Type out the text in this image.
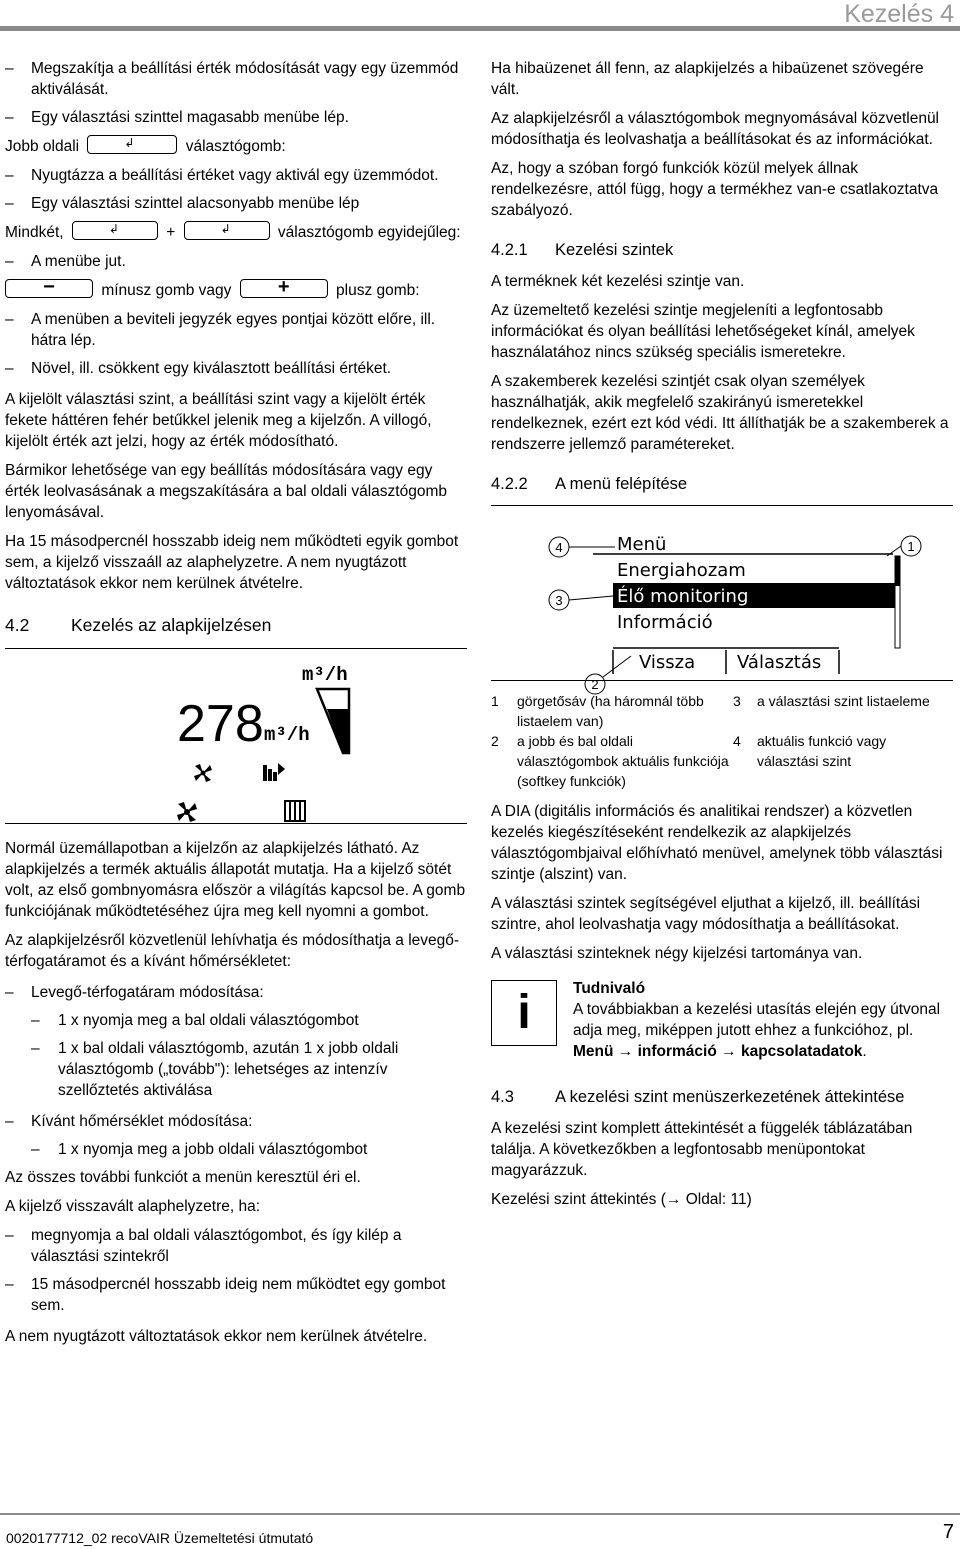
Kezelés 4
– Megszakítja a beállítási érték módosítását vagy egy üzemmód aktiválását.
– Egy választási szinttel magasabb menübe lép.

Jobb oldali	↲	választógomb:

– Nyugtázza a beállítási értéket vagy aktivál egy üzemmódot.
– Egy választási szinttel alacsonyabb menübe lép

Mindkét,	↲	+	↲	választógomb egyidejűleg:

– A menübe jut.

−	mínusz gomb vagy	+	plusz gomb:

– A menüben a beviteli jegyzék egyes pontjai között előre, ill. hátra lép.
– Növel, ill. csökkent egy kiválasztott beállítási értéket.

A kijelölt választási szint, a beállítási szint vagy a kijelölt érték fekete háttéren fehér betűkkel jelenik meg a kijelzőn. A villogó, kijelölt érték azt jelzi, hogy az érték módosítható.

Bármikor lehetősége van egy beállítás módosítására vagy egy érték leolvasásának a megszakítására a bal oldali választógomb lenyomásával.

Ha 15 másodpercnél hosszabb ideig nem működteti egyik gombot sem, a kijelző visszaáll az alaphelyzetre. A nem nyugtázott változtatások ekkor nem kerülnek átvételre.

4.2 Kezelés az alapkijelzésen
278 m³/h
m³/h

Normál üzemállapotban a kijelzőn az alapkijelzés látható. Az alapkijelzés a termék aktuális állapotát mutatja. Ha a kijelző sötét volt, az első gombnyomásra először a világítás kapcsol be. A gomb funkciójának működtetéséhez újra meg kell nyomni a gombot.

Az alapkijelzésről közvetlenül lehívhatja és módosíthatja a levegő-térfogatáramot és a kívánt hőmérsékletet:

– Levegő-térfogatáram módosítása:
– 1 x nyomja meg a bal oldali választógombot
– 1 x bal oldali választógomb, azután 1 x jobb oldali választógomb („tovább"): lehetséges az intenzív szellőztetés aktiválása
– Kívánt hőmérséklet módosítása:
– 1 x nyomja meg a jobb oldali választógombot

Az összes további funkciót a menün keresztül éri el.

A kijelző visszavált alaphelyzetre, ha:

– megnyomja a bal oldali választógombot, és így kilép a választási szintekről
– 15 másodpercnél hosszabb ideig nem működtet egy gombot sem.

A nem nyugtázott változtatások ekkor nem kerülnek átvételre.

Ha hibaüzenet áll fenn, az alapkijelzés a hibaüzenet szövegére vált.

Az alapkijelzésről a választógombok megnyomásával közvetlenül módosíthatja és leolvashatja a beállításokat és az információkat.

Az, hogy a szóban forgó funkciók közül melyek állnak rendelkezésre, attól függ, hogy a termékhez van-e csatlakoztatva szabályozó.

4.2.1 Kezelési szintek

A terméknek két kezelési szintje van.

Az üzemeltető kezelési szintje megjeleníti a legfontosabb információkat és olyan beállítási lehetőségeket kínál, amelyek használatához nincs szükség speciális ismeretekre.

A szakemberek kezelési szintjét csak olyan személyek használhatják, akik megfelelő szakirányú ismeretekkel rendelkeznek, ezért ezt kód védi. Itt állíthatják be a szakemberek a rendszerre jellemző paramétereket.

4.2.2 A menü felépítése
Menü
Energiahozam
Élő monitoring
Információ
Vissza Választás
1
2
3
4
1	görgetősáv (ha háromnál több listaelem van)
3	a választási szint listaeleme
2	a jobb és bal oldali választógombok aktuális funkciója (softkey funkciók)
4	aktuális funkció vagy választási szint

A DIA (digitális információs és analitikai rendszer) a közvetlen kezelés kiegészítéseként rendelkezik az alapkijelzés választógombjaival előhívható menüvel, amelynek több választási szintje (alszint) van.

A választási szintek segítségével eljuthat a kijelző, ill. beállítási szintre, ahol leolvashatja vagy módosíthatja a beállításokat.

A választási szinteknek négy kijelzési tartománya van.

i	Tudnivaló
A továbbiakban a kezelési utasítás elején egy útvonal adja meg, miképpen jutott ehhez a funkcióhoz, pl. Menü → információ → kapcsolatadatok.
4.3	A kezelési szint menüszerkezetének áttekintése

A kezelési szint komplett áttekintését a függelék táblázatában találja. A következőkben a legfontosabb menüpontokat magyarázzuk.

Kezelési szint áttekintés (→ Oldal: 11)

0020177712_02 recoVAIR Üzemeltetési útmutató	7
